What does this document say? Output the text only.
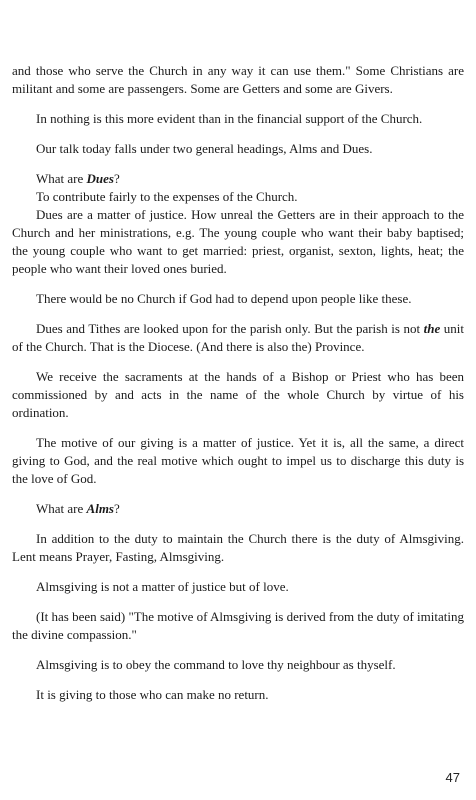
and those who serve the Church in any way it can use them." Some Christians are militant and some are passengers. Some are Getters and some are Givers.

In nothing is this more evident than in the financial support of the Church.

Our talk today falls under two general headings, Alms and Dues.

What are Dues?

To contribute fairly to the expenses of the Church.

Dues are a matter of justice. How unreal the Getters are in their approach to the Church and her ministrations, e.g. The young couple who want their baby baptised; the young couple who want to get married: priest, organist, sexton, lights, heat; the people who want their loved ones buried.

There would be no Church if God had to depend upon people like these.

Dues and Tithes are looked upon for the parish only. But the parish is not the unit of the Church. That is the Diocese. (And there is also the) Province.

We receive the sacraments at the hands of a Bishop or Priest who has been commissioned by and acts in the name of the whole Church by virtue of his ordination.

The motive of our giving is a matter of justice. Yet it is, all the same, a direct giving to God, and the real motive which ought to impel us to discharge this duty is the love of God.

What are Alms?

In addition to the duty to maintain the Church there is the duty of Almsgiving. Lent means Prayer, Fasting, Almsgiving.

Almsgiving is not a matter of justice but of love.

(It has been said) "The motive of Almsgiving is derived from the duty of imitating the divine compassion."

Almsgiving is to obey the command to love thy neighbour as thyself.

It is giving to those who can make no return.

47
